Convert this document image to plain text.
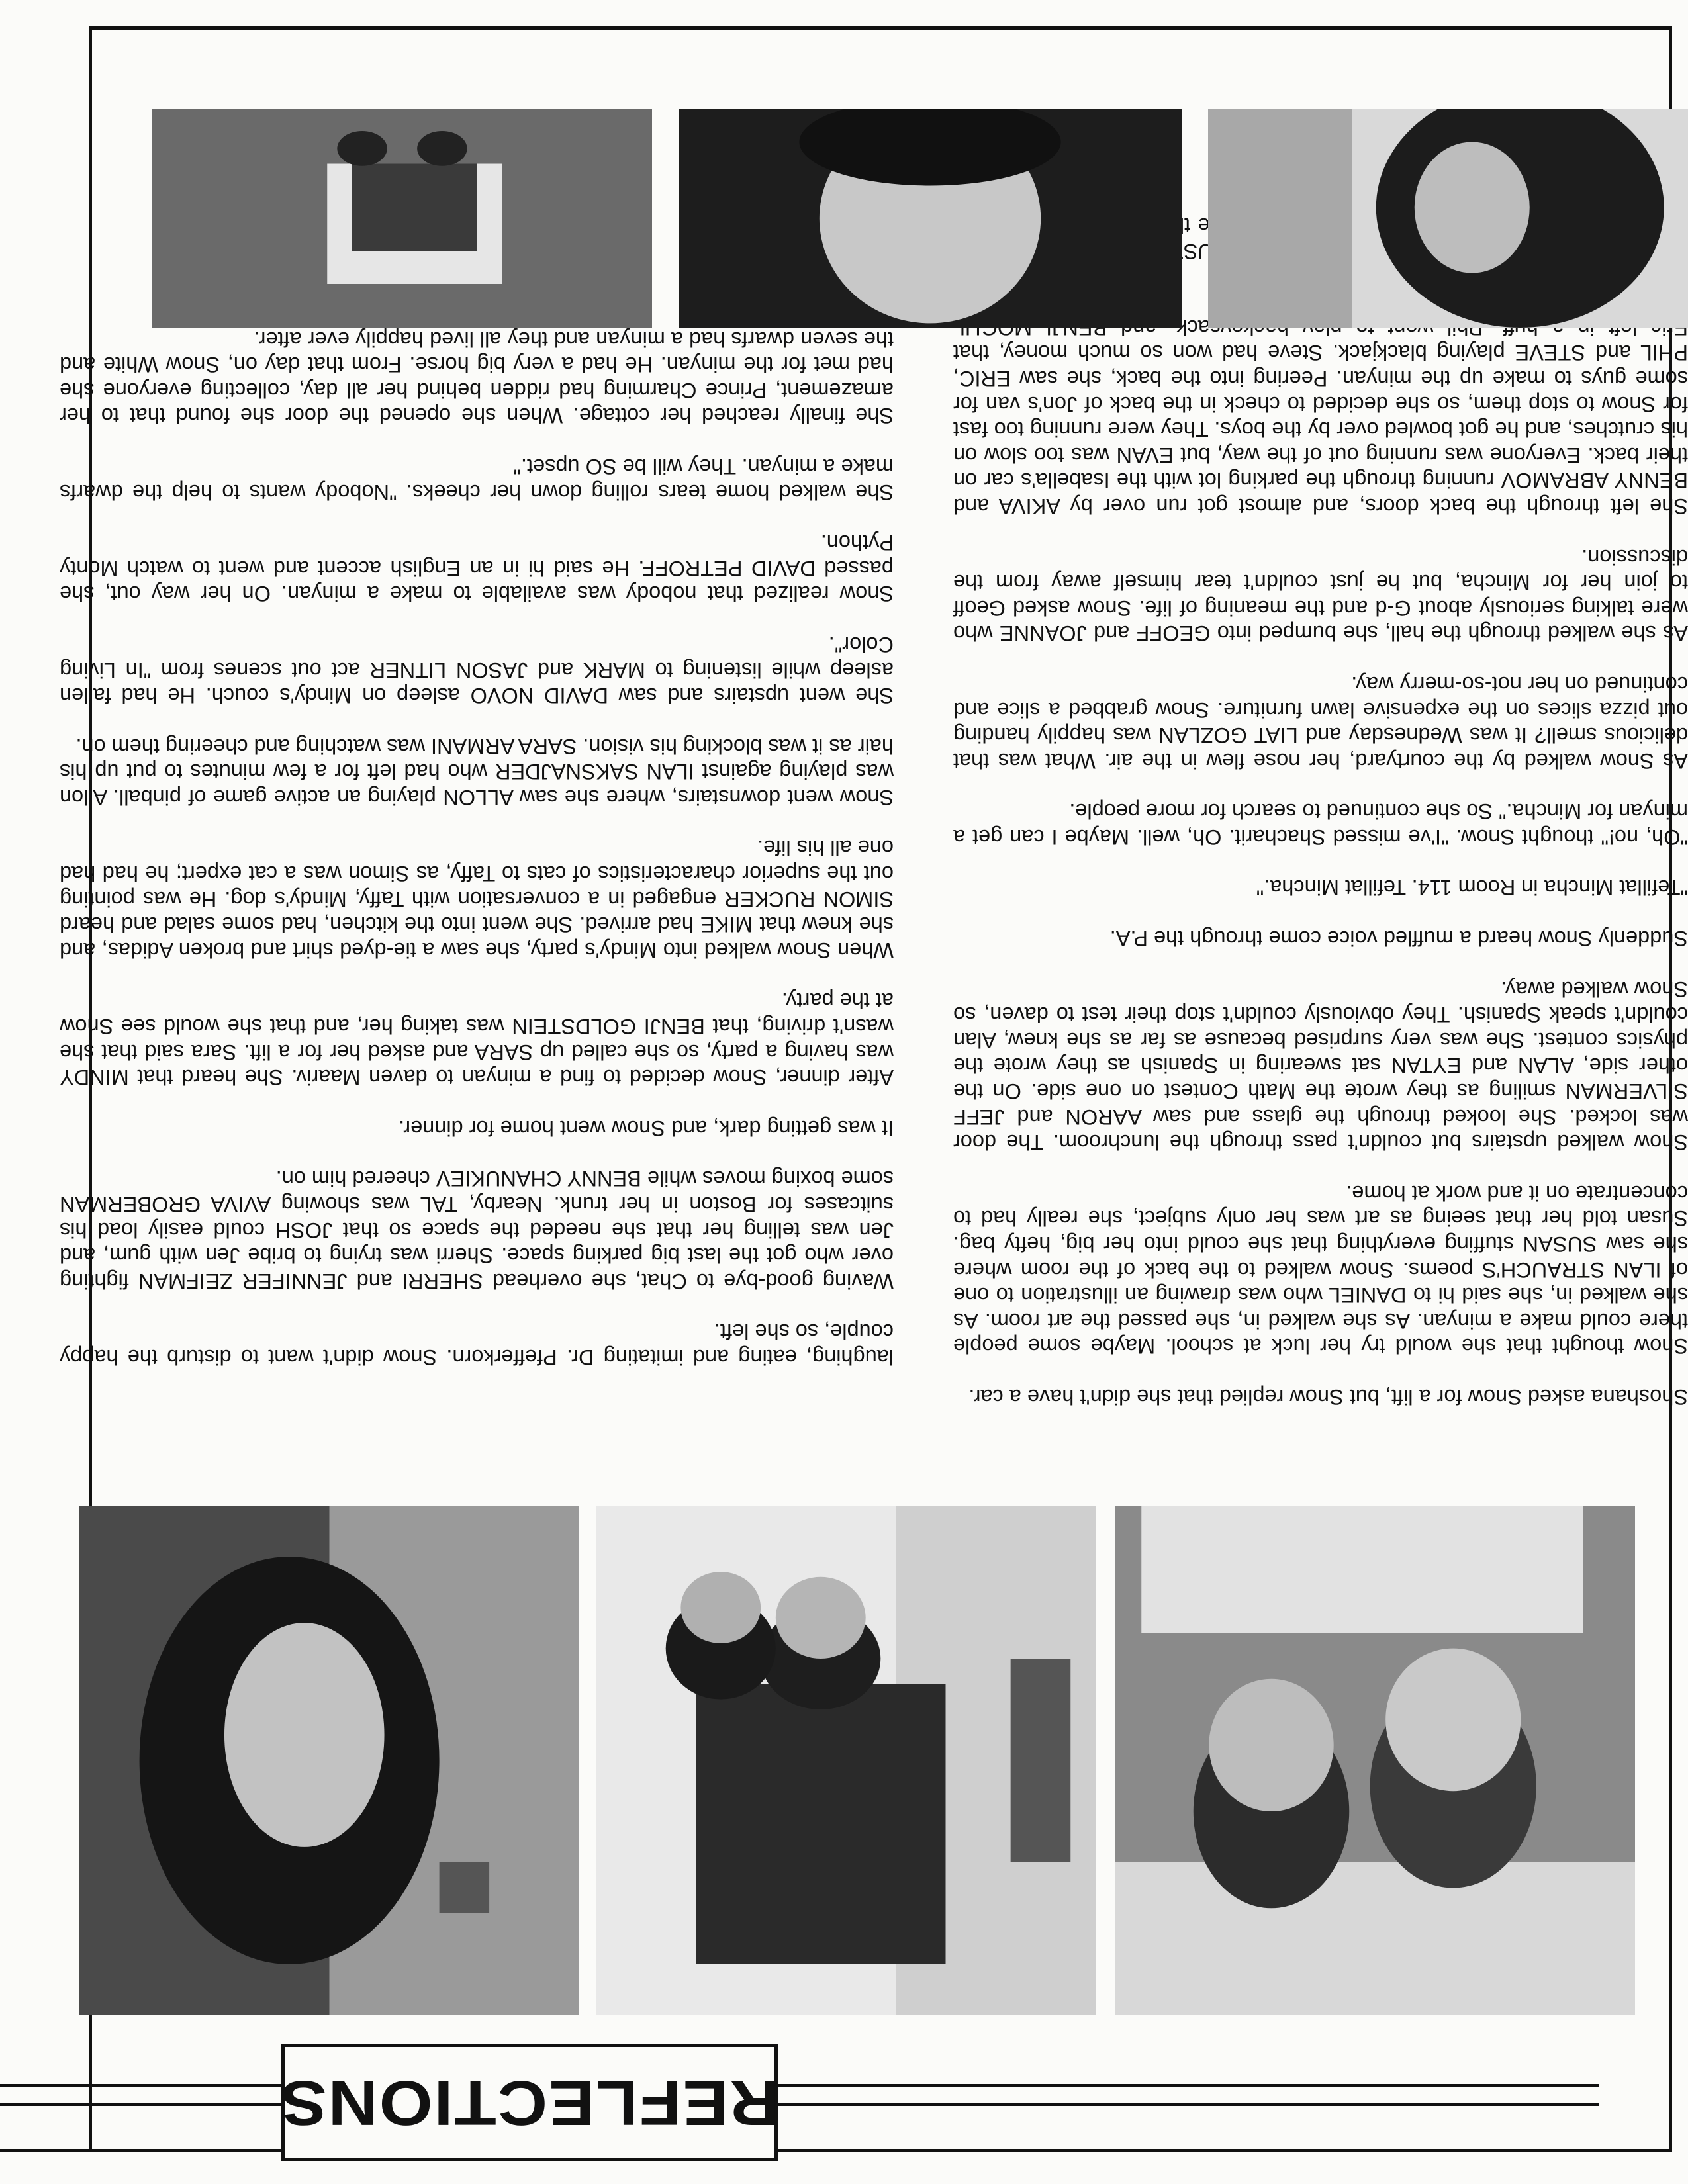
REFLECTIONS

laughing, eating and imitating Dr. Pfefferkorn. Snow didn't want to disturb the happy couple, so she left.

Waving good-bye to Chat, she overhead SHERRI and JENNIFER ZEIFMAN fighting over who got the last big parking space. Sherri was trying to bribe Jen with gum, and Jen was telling her that she needed the space so that JOSH could easily load his suitcases for Boston in her trunk. Nearby, TAL was showing AVIVA GROBERMAN some boxing moves while BENNY CHANUKIEV cheered him on.

It was getting dark, and Snow went home for dinner.

After dinner, Snow decided to find a minyan to daven Maariv. She heard that MINDY was having a party, so she called up SARA and asked her for a lift. Sara said that she wasn't driving, that BENJI GOLDSTEIN was taking her, and that she would see Snow at the party.

When Snow walked into Mindy's party, she saw a tie-dyed shirt and broken Adidas, and she knew that MIKE had arrived. She went into the kitchen, had some salad and heard SIMON RUCKER engaged in a conversation with Taffy, Mindy's dog. He was pointing out the superior characteristics of cats to Taffy, as Simon was a cat expert; he had had one all his life.

Snow went downstairs, where she saw ALLON playing an active game of pinball. Allon was playing against ILAN SAKSNAJDER who had left for a few minutes to put up his hair as it was blocking his vision. SARA ARMANI was watching and cheering them on.

She went upstairs and saw DAVID NOVO asleep on Mindy's couch. He had fallen asleep while listening to MARK and JASON LITNER act out scenes from "In Living Color".

Snow realized that nobody was available to make a minyan. On her way out, she passed DAVID PETROFF. He said hi in an English accent and went to watch Monty Python.

She walked home tears rolling down her cheeks. "Nobody wants to help the dwarfs make a minyan. They will be SO upset."

She finally reached her cottage. When she opened the door she found that to her amazement, Prince Charming had ridden behind her all day, collecting everyone she had met for the minyan. He had a very big horse. From that day on, Snow White and the seven dwarfs had a minyan and they all lived happily ever after.

Shoshana asked Snow for a lift, but Snow replied that she didn't have a car.

Snow thought that she would try her luck at school. Maybe some people there could make a minyan. As she walked in, she passed the art room. As she walked in, she said hi to DANIEL who was drawing an illustration to one of ILAN STRAUCH'S poems. Snow walked to the back of the room where she saw SUSAN stuffing everything that she could into her big, hefty bag. Susan told her that seeing as art was her only subject, she really had to concentrate on it and work at home.

Snow walked upstairs but couldn't pass through the lunchroom. The door was locked. She looked through the glass and saw AARON and JEFF SILVERMAN smiling as they wrote the Math Contest on one side. On the other side, ALAN and EYTAN sat swearing in Spanish as they wrote the physics contest. She was very surprised because as far as she knew, Alan couldn't speak Spanish. They obviously couldn't stop their test to daven, so Snow walked away.

Suddenly Snow heard a muffled voice come through the P.A.

"Tefillat Mincha in Room 114. Tefillat Mincha."

"Oh, no!" thought Snow. "I've missed Shacharit. Oh, well. Maybe I can get a minyan for Mincha." So she continued to search for more people.

As Snow walked by the courtyard, her nose flew in the air. What was that delicious smell? It was Wednesday and LIAT GOZLAN was happily handing out pizza slices on the expensive lawn furniture. Snow grabbed a slice and continued on her not-so-merry way.

As she walked through the hall, she bumped into GEOFF and JOANNE who were talking seriously about G-d and the meaning of life. Snow asked Geoff to join her for Mincha, but he just couldn't tear himself away from the discussion.

She left through the back doors, and almost got run over by AKIVA and BENNY ABRAMOV running through the parking lot with the Isabella's car on their back. Everyone was running out of the way, but EVAN was too slow on his crutches, and he got bowled over by the boys. They were running too fast for Snow to stop them, so she decided to check in the back of Jon's van for some guys to make up the minyan. Peering into the back, she saw ERIC, PHIL and STEVE playing blackjack. Steve had won so much money, that

JUSTIN
